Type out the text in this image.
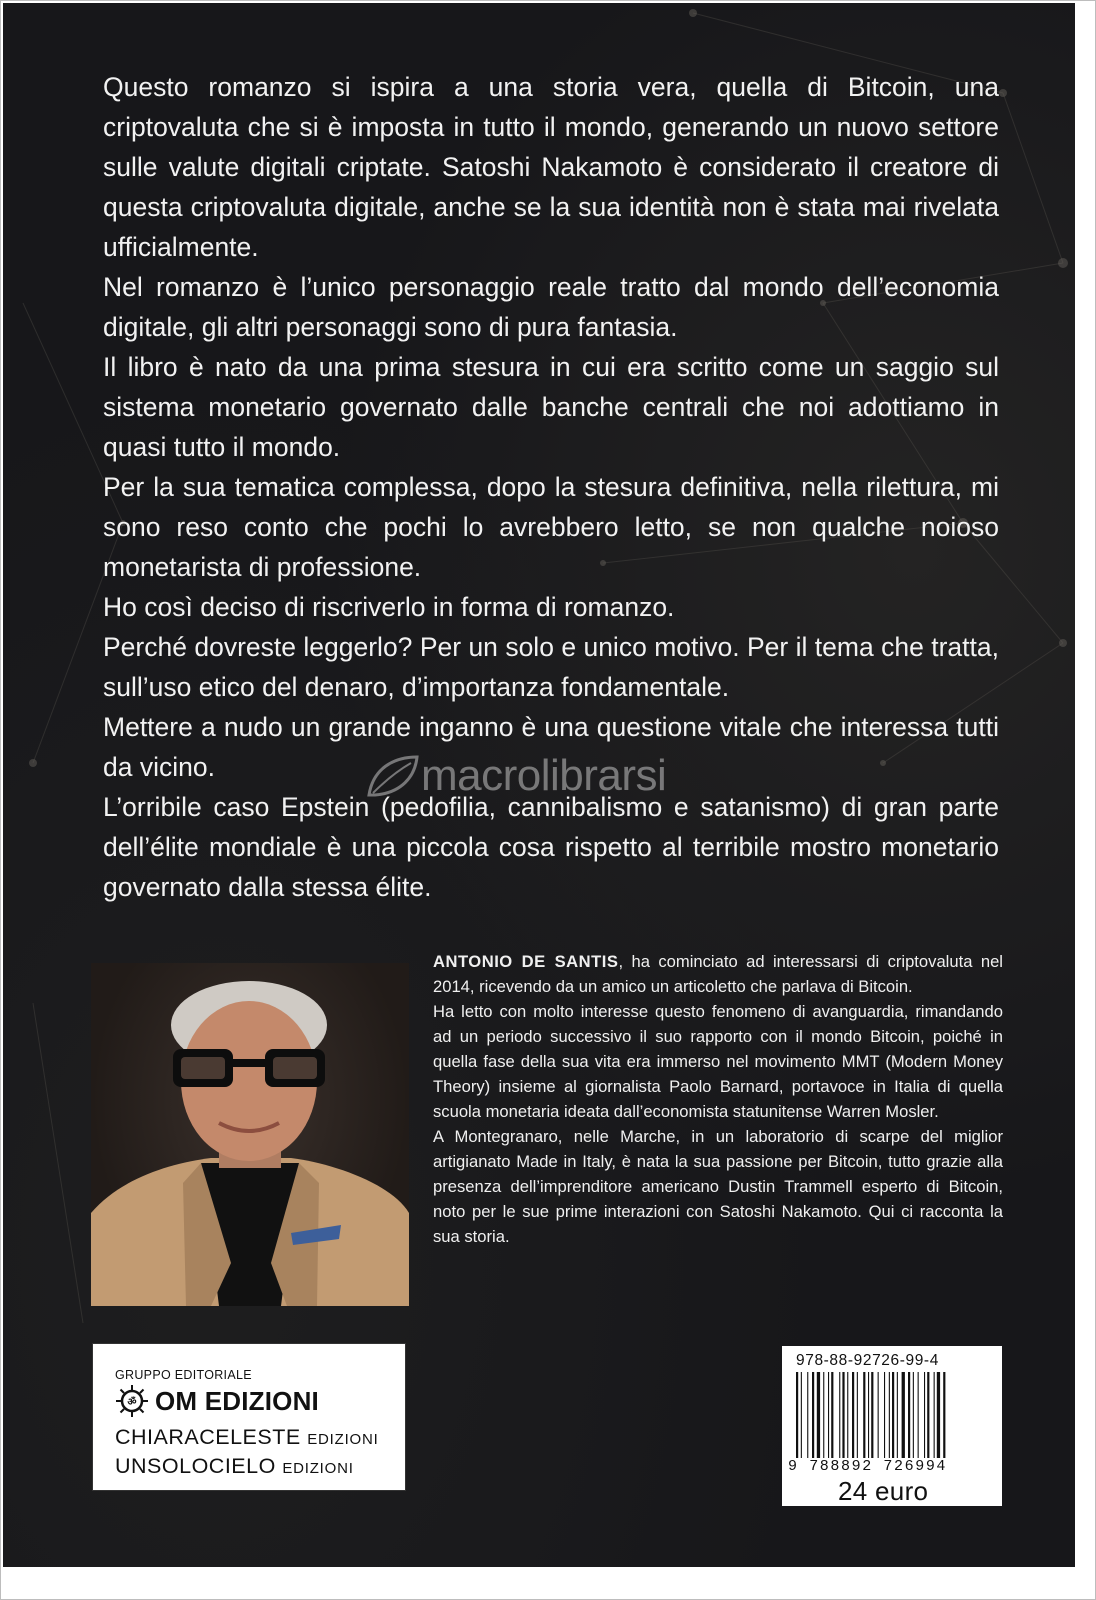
Questo romanzo si ispira a una storia vera, quella di Bitcoin, una criptovaluta che si è imposta in tutto il mondo, generando un nuovo settore sulle valute digitali criptate. Satoshi Nakamoto è considerato il creatore di questa criptovaluta digitale, anche se la sua identità non è stata mai rivelata ufficialmente.

Nel romanzo è l’unico personaggio reale tratto dal mondo dell’economia digitale, gli altri personaggi sono di pura fantasia.

Il libro è nato da una prima stesura in cui era scritto come un saggio sul sistema monetario governato dalle banche centrali che noi adottiamo in quasi tutto il mondo.

Per la sua tematica complessa, dopo la stesura definitiva, nella rilettura, mi sono reso conto che pochi lo avrebbero letto, se non qualche noioso monetarista di professione.

Ho così deciso di riscriverlo in forma di romanzo.

Perché dovreste leggerlo? Per un solo e unico motivo. Per il tema che tratta, sull’uso etico del denaro, d’importanza fondamentale.

Mettere a nudo un grande inganno è una questione vitale che interessa tutti da vicino.

L’orribile caso Epstein (pedofilia, cannibalismo e satanismo) di gran parte dell’élite mondiale è una piccola cosa rispetto al terribile mostro monetario governato dalla stessa élite.

macrolibrarsi

ANTONIO DE SANTIS, ha cominciato ad interessarsi di criptovaluta nel 2014, ricevendo da un amico un articoletto che parlava di Bitcoin.

Ha letto con molto interesse questo fenomeno di avanguardia, rimandando ad un periodo successivo il suo rapporto con il mondo Bitcoin, poiché in quella fase della sua vita era immerso nel movimento MMT (Modern Money Theory) insieme al giornalista Paolo Barnard, portavoce in Italia di quella scuola monetaria ideata dall’economista statunitense Warren Mosler.

A Montegranaro, nelle Marche, in un laboratorio di scarpe del miglior artigianato Made in Italy, è nata la sua passione per Bitcoin, tutto grazie alla presenza dell’imprenditore americano Dustin Trammell esperto di Bitcoin, noto per le sue prime interazioni con Satoshi Nakamoto. Qui ci racconta la sua storia.

GRUPPO EDITORIALE
ॐ OM EDIZIONI
CHIARACELESTE EDIZIONI
UNSOLOCIELO EDIZIONI
978-88-92726-99-4
9 788892 726994
24 euro
